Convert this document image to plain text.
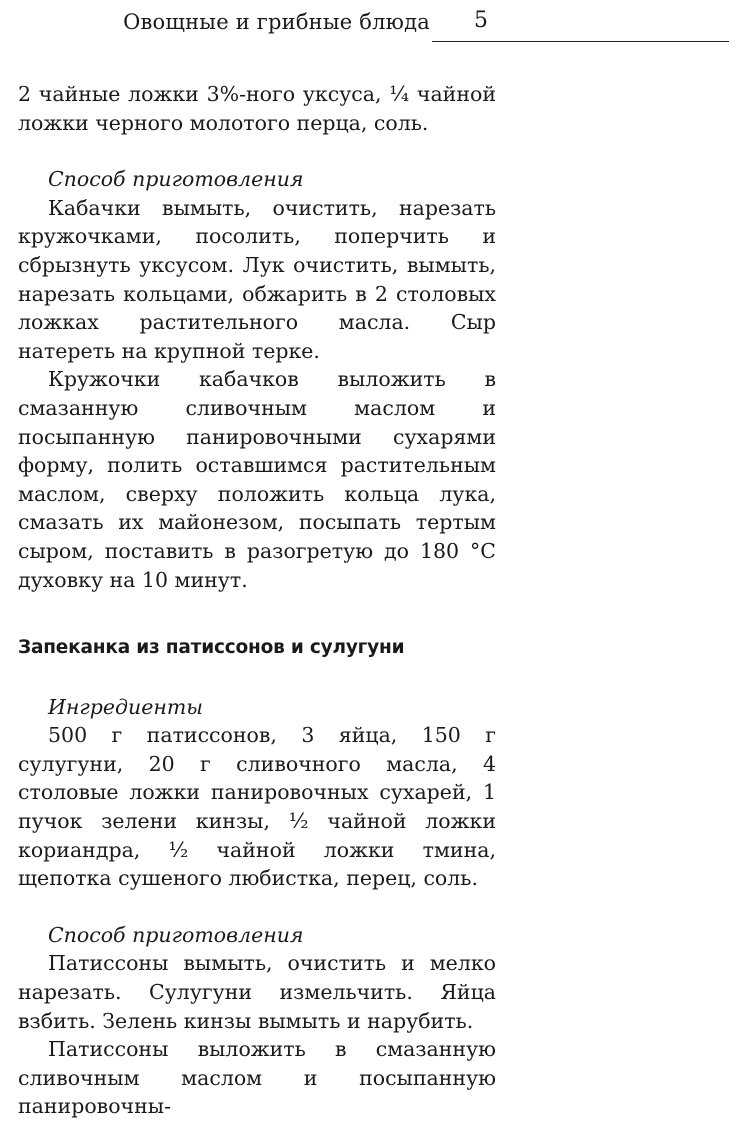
Овощные и грибные блюда 5

2 чайные ложки 3%-ного уксуса, ¹⁄₄ чайной ложки черного молотого перца, соль.

Способ приготовления

Кабачки вымыть, очистить, нарезать кружочками, посолить, поперчить и сбрызнуть уксусом. Лук очистить, вымыть, нарезать кольцами, обжарить в 2 столовых ложках растительного масла. Сыр натереть на крупной терке.

Кружочки кабачков выложить в смазанную сливочным маслом и посыпанную панировочными сухарями форму, полить оставшимся растительным маслом, сверху положить кольца лука, смазать их майонезом, посыпать тертым сыром, поставить в разогретую до 180 °С духовку на 10 минут.

Запеканка из патиссонов и сулугуни

Ингредиенты

500 г патиссонов, 3 яйца, 150 г сулугуни, 20 г сливочного масла, 4 столовые ложки панировочных сухарей, 1 пучок зелени кинзы, ¹⁄₂ чайной ложки кориандра, ¹⁄₂ чайной ложки тмина, щепотка сушеного любистка, перец, соль.

Способ приготовления

Патиссоны вымыть, очистить и мелко нарезать. Сулугуни измельчить. Яйца взбить. Зелень кинзы вымыть и нарубить.

Патиссоны выложить в смазанную сливочным маслом и посыпанную панировочны-
